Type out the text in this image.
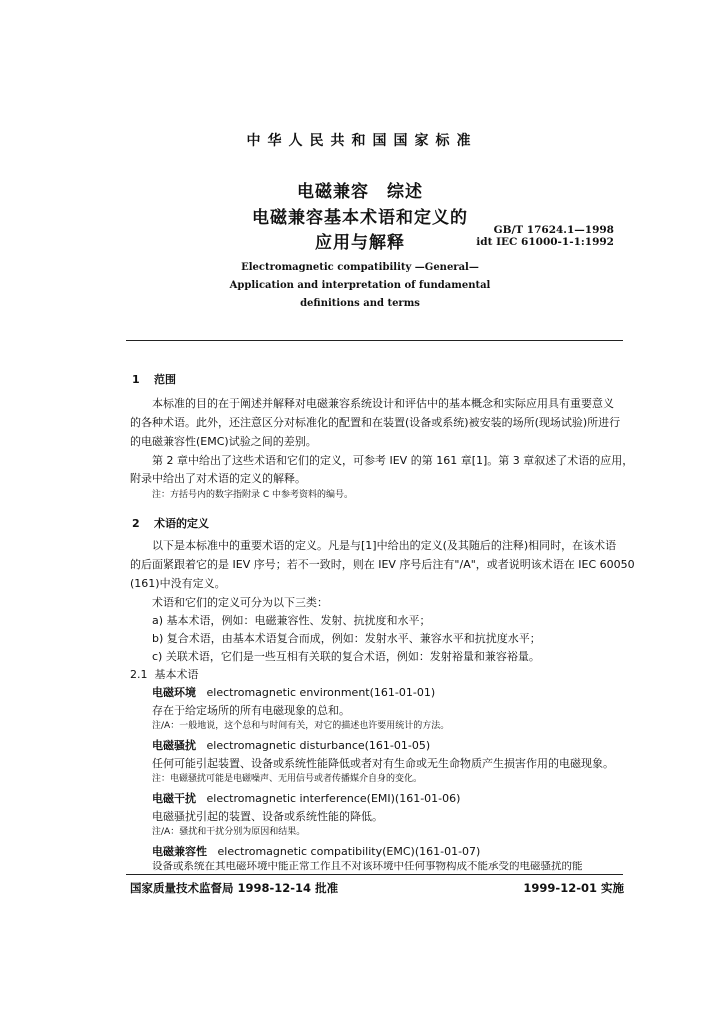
中华人民共和国国家标准
电磁兼容　综述
电磁兼容基本术语和定义的
应用与解释
GB/T 17624.1—1998
idt IEC 61000-1-1:1992
Electromagnetic compatibility —General—
Application and interpretation of fundamental
definitions and terms
1 范围
本标准的目的在于阐述并解释对电磁兼容系统设计和评估中的基本概念和实际应用具有重要意义
的各种术语。此外，还注意区分对标准化的配置和在装置(设备或系统)被安装的场所(现场试验)所进行
的电磁兼容性(EMC)试验之间的差别。
第 2 章中给出了这些术语和它们的定义，可参考 IEV 的第 161 章[1]。第 3 章叙述了术语的应用，
附录中给出了对术语的定义的解释。
注：方括号内的数字指附录 C 中参考资料的编号。
2 术语的定义
以下是本标准中的重要术语的定义。凡是与[1]中给出的定义(及其随后的注释)相同时，在该术语
的后面紧跟着它的是 IEV 序号；若不一致时，则在 IEV 序号后注有"/A"，或者说明该术语在 IEC 60050
(161)中没有定义。
术语和它们的定义可分为以下三类：
a) 基本术语，例如：电磁兼容性、发射、抗扰度和水平；
b) 复合术语，由基本术语复合而成，例如：发射水平、兼容水平和抗扰度水平；
c) 关联术语，它们是一些互相有关联的复合术语，例如：发射裕量和兼容裕量。
2.1 基本术语
电磁环境 electromagnetic environment(161-01-01)
存在于给定场所的所有电磁现象的总和。
注/A：一般地说，这个总和与时间有关，对它的描述也许要用统计的方法。
电磁骚扰 electromagnetic disturbance(161-01-05)
任何可能引起装置、设备或系统性能降低或者对有生命或无生命物质产生损害作用的电磁现象。
注：电磁骚扰可能是电磁噪声、无用信号或者传播媒介自身的变化。
电磁干扰 electromagnetic interference(EMI)(161-01-06)
电磁骚扰引起的装置、设备或系统性能的降低。
注/A：骚扰和干扰分别为原因和结果。
电磁兼容性 electromagnetic compatibility(EMC)(161-01-07)
设备或系统在其电磁环境中能正常工作且不对该环境中任何事物构成不能承受的电磁骚扰的能
国家质量技术监督局 1998-12-14 批准	1999-12-01 实施
